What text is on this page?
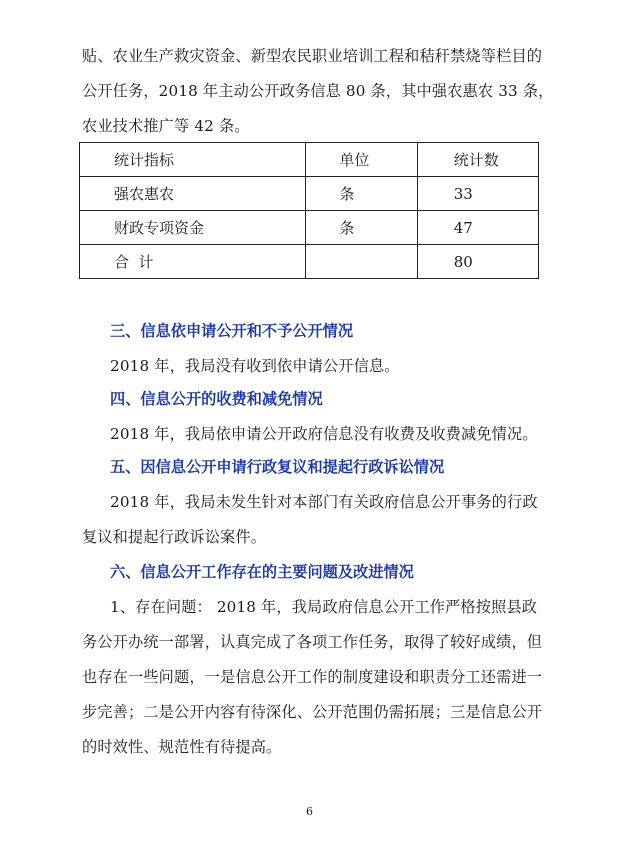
贴、农业生产救灾资金、新型农民职业培训工程和秸秆禁烧等栏目的
公开任务，2018 年主动公开政务信息 80 条，其中强农惠农 33 条，
农业技术推广等 42 条。
统计指标	单位	统计数
强农惠农	条	33
财政专项资金	条	47
合  计		80
三、信息依申请公开和不予公开情况
2018 年，我局没有收到依申请公开信息。
四、信息公开的收费和减免情况
2018 年，我局依申请公开政府信息没有收费及收费减免情况。
五、因信息公开申请行政复议和提起行政诉讼情况
2018 年，我局未发生针对本部门有关政府信息公开事务的行政
复议和提起行政诉讼案件。
六、信息公开工作存在的主要问题及改进情况
1、存在问题： 2018 年，我局政府信息公开工作严格按照县政
务公开办统一部署，认真完成了各项工作任务，取得了较好成绩，但
也存在一些问题，一是信息公开工作的制度建设和职责分工还需进一
步完善；二是公开内容有待深化、公开范围仍需拓展；三是信息公开
的时效性、规范性有待提高。
6
